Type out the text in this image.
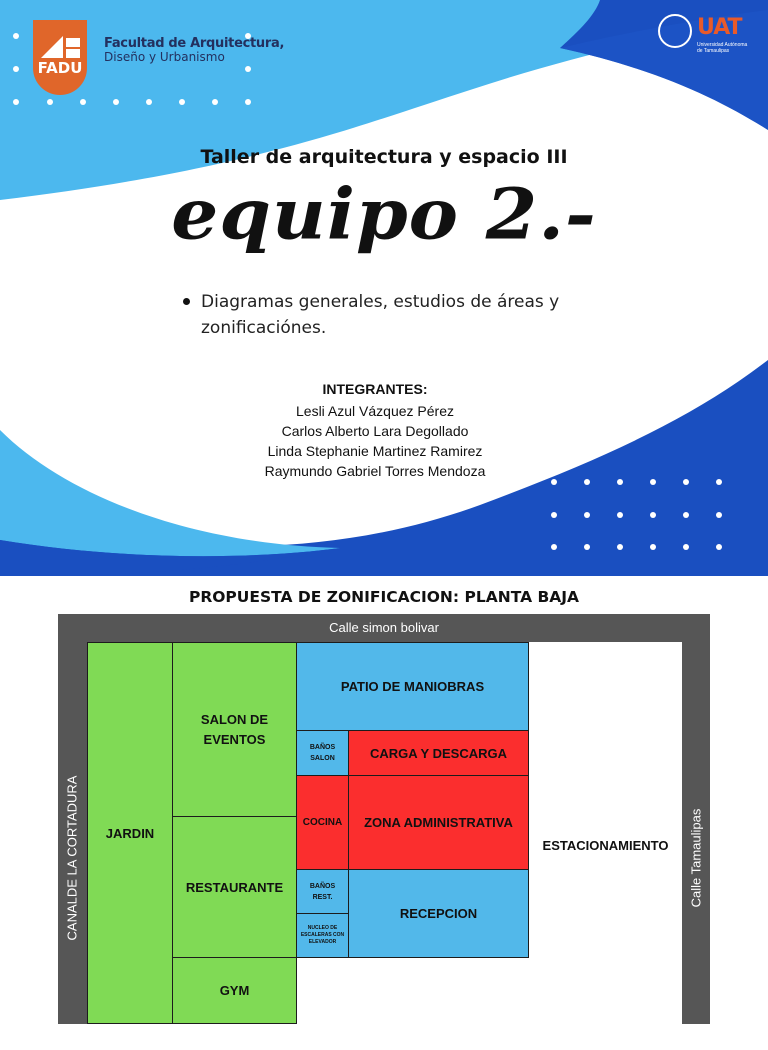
FADU
Facultad de Arquitectura,
Diseño y Urbanismo
UAT
Universidad Autónoma de Tamaulipas
Taller de arquitectura y espacio III
equipo 2.-
Diagramas generales, estudios de áreas y zonificaciónes.
INTEGRANTES:
Lesli Azul Vázquez Pérez
Carlos Alberto Lara Degollado
Linda Stephanie Martinez Ramirez
Raymundo Gabriel Torres Mendoza
PROPUESTA DE ZONIFICACION: PLANTA BAJA
Calle simon bolivar
CANALDE LA CORTADURA	Calle Tamaulipas
JARDIN
SALON DE EVENTOS
RESTAURANTE
GYM
PATIO DE MANIOBRAS
BAÑOS SALON	CARGA Y DESCARGA
COCINA ZONA ADMINISTRATIVA
BAÑOS REST.
NUCLEO DE ESCALERAS CON ELEVADOR
RECEPCION
ESTACIONAMIENTO
